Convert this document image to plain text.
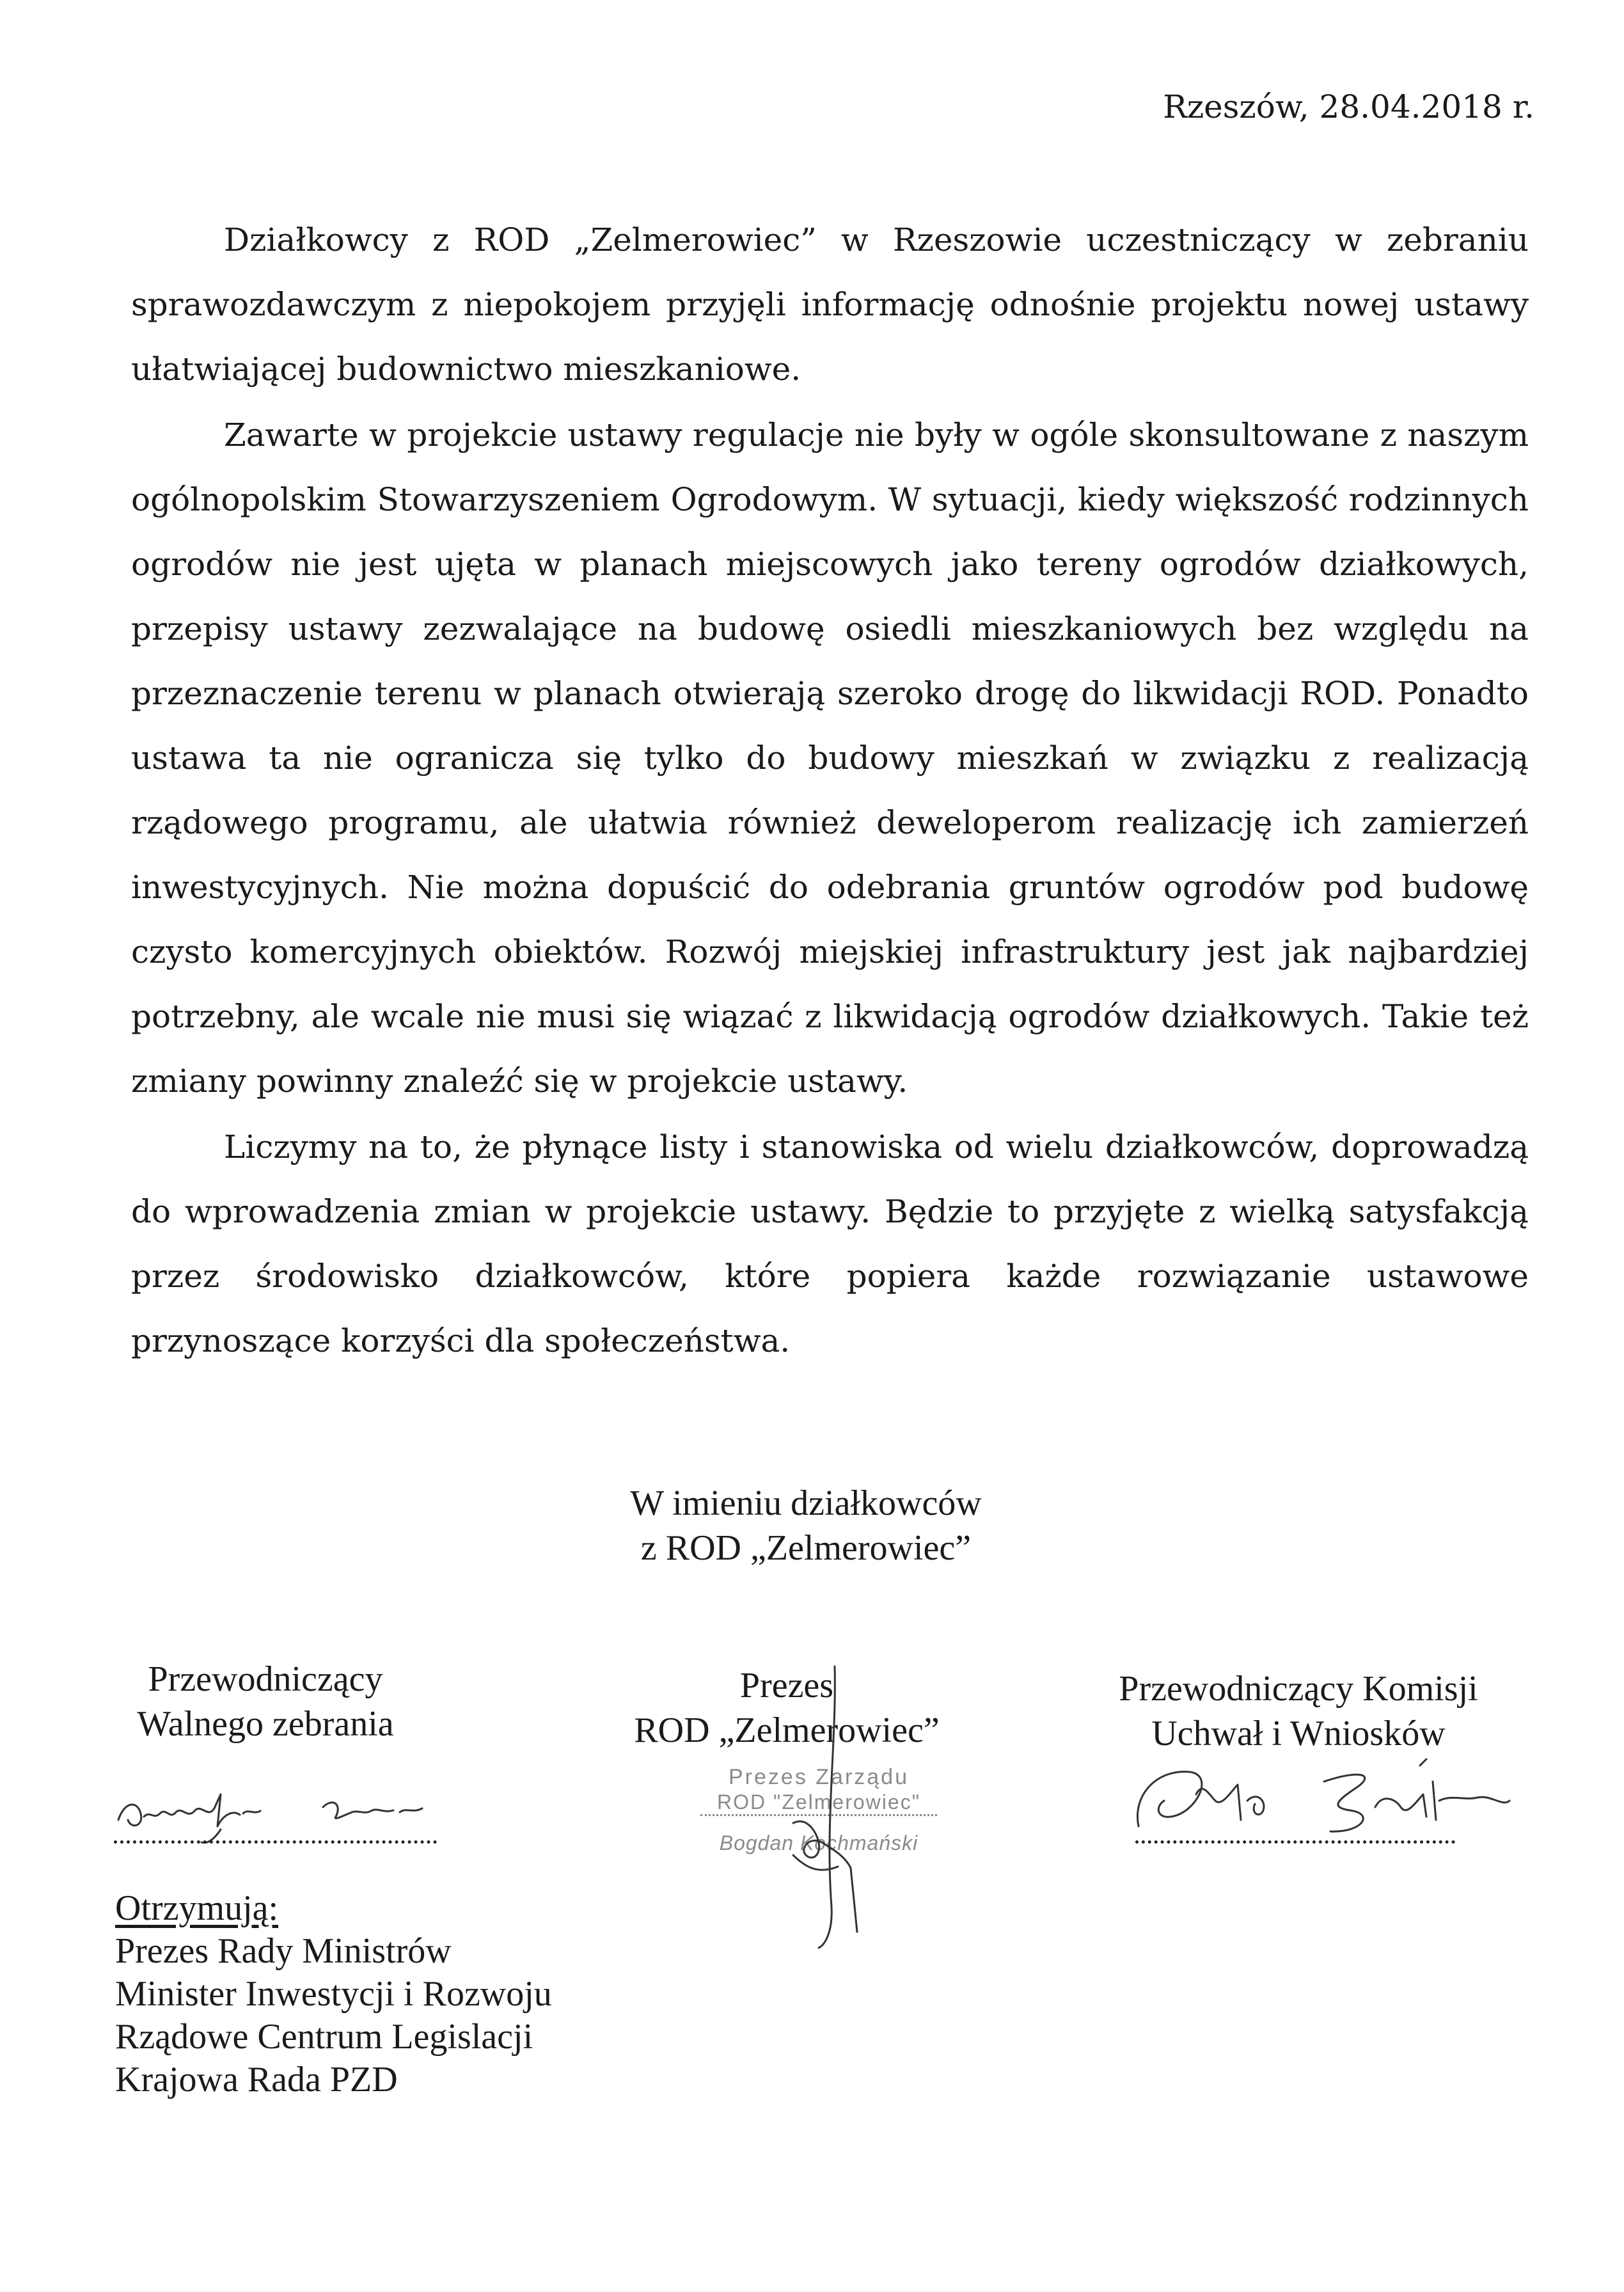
Rzeszów, 28.04.2018 r.

Działkowcy z ROD „Zelmerowiec” w Rzeszowie uczestniczący w zebraniu sprawozdawczym z niepokojem przyjęli informację odnośnie projektu nowej ustawy ułatwiającej budownictwo mieszkaniowe.

Zawarte w projekcie ustawy regulacje nie były w ogóle skonsultowane z naszym ogólnopolskim Stowarzyszeniem Ogrodowym. W sytuacji, kiedy większość rodzinnych ogrodów nie jest ujęta w planach miejscowych jako tereny ogrodów działkowych, przepisy ustawy zezwalające na budowę osiedli mieszkaniowych bez względu na przeznaczenie terenu w planach otwierają szeroko drogę do likwidacji ROD. Ponadto ustawa ta nie ogranicza się tylko do budowy mieszkań w związku z realizacją rządowego programu, ale ułatwia również deweloperom realizację ich zamierzeń inwestycyjnych. Nie można dopuścić do odebrania gruntów ogrodów pod budowę czysto komercyjnych obiektów. Rozwój miejskiej infrastruktury jest jak najbardziej potrzebny, ale wcale nie musi się wiązać z likwidacją ogrodów działkowych. Takie też zmiany powinny znaleźć się w projekcie ustawy.

Liczymy na to, że płynące listy i stanowiska od wielu działkowców, doprowadzą do wprowadzenia zmian w projekcie ustawy. Będzie to przyjęte z wielką satysfakcją przez środowisko działkowców, które popiera każde rozwiązanie ustawowe przynoszące korzyści dla społeczeństwa.

W imieniu działkowców
z ROD „Zelmerowiec”
Przewodniczący
Walnego zebrania
Prezes
ROD „Zelmerowiec”
Prezes Zarządu
ROD "Zelmerowiec"
Bogdan Kochmański
Przewodniczący Komisji
Uchwał i Wniosków
Otrzymują:
Prezes Rady Ministrów
Minister Inwestycji i Rozwoju
Rządowe Centrum Legislacji
Krajowa Rada PZD
